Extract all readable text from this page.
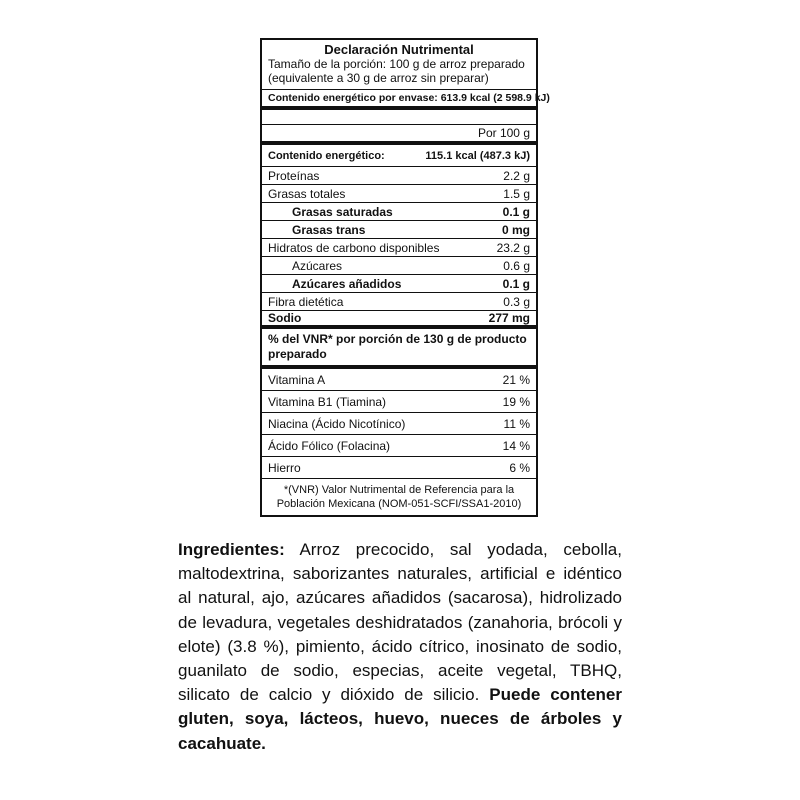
Declaración Nutrimental
Tamaño de la porción: 100 g de arroz preparado
(equivalente a 30 g de arroz sin preparar)
Contenido energético por envase: 613.9 kcal (2 598.9 kJ)
Por 100 g
Contenido energético:	115.1 kcal (487.3 kJ)
Proteínas	2.2 g
Grasas totales	1.5 g
Grasas saturadas	0.1 g
Grasas trans	0 mg
Hidratos de carbono disponibles	23.2 g
Azúcares	0.6 g
Azúcares añadidos	0.1 g
Fibra dietética	0.3 g
Sodio	277 mg
% del VNR* por porción de 130 g de producto preparado
Vitamina A	21 %
Vitamina B1 (Tiamina)	19 %
Niacina (Ácido Nicotínico)	11 %
Ácido Fólico (Folacina)	14 %
Hierro	6 %
*(VNR) Valor Nutrimental de Referencia para la
Población Mexicana (NOM-051-SCFI/SSA1-2010)
Ingredientes: Arroz precocido, sal yodada, cebolla, maltodextrina, saborizantes naturales, artificial e idéntico al natural, ajo, azúcares añadidos (sacarosa), hidrolizado de levadura, vegetales deshidratados (zanahoria, brócoli y elote) (3.8 %), pimiento, ácido cítrico, inosinato de sodio, guanilato de sodio, especias, aceite vegetal, TBHQ, silicato de calcio y dióxido de silicio. Puede contener gluten, soya, lácteos, huevo, nueces de árboles y cacahuate.
